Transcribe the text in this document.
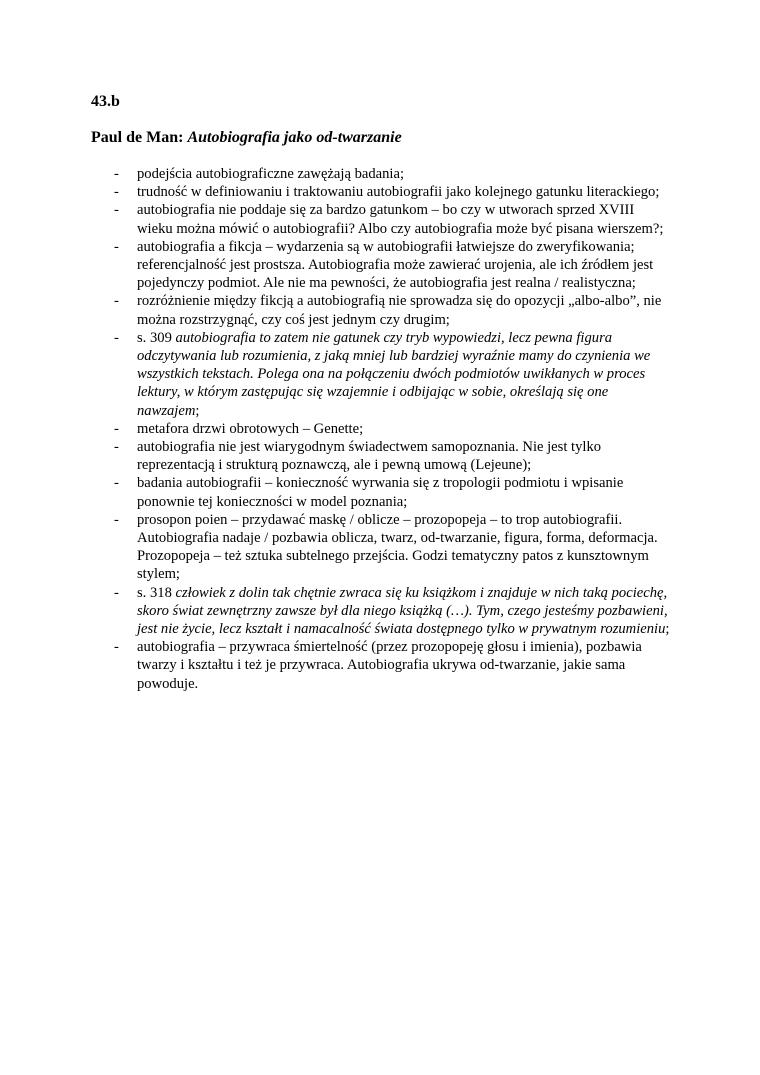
43.b

Paul de Man: Autobiografia jako od-twarzanie

- podejścia autobiograficzne zawężają badania;
- trudność w definiowaniu i traktowaniu autobiografii jako kolejnego gatunku literackiego;
- autobiografia nie poddaje się za bardzo gatunkom – bo czy w utworach sprzed XVIII wieku można mówić o autobiografii? Albo czy autobiografia może być pisana wierszem?;
- autobiografia a fikcja – wydarzenia są w autobiografii łatwiejsze do zweryfikowania; referencjalność jest prostsza. Autobiografia może zawierać urojenia, ale ich źródłem jest pojedynczy podmiot. Ale nie ma pewności, że autobiografia jest realna / realistyczna;
- rozróżnienie między fikcją a autobiografią nie sprowadza się do opozycji „albo-albo”, nie można rozstrzygnąć, czy coś jest jednym czy drugim;
- s. 309 autobiografia to zatem nie gatunek czy tryb wypowiedzi, lecz pewna figura odczytywania lub rozumienia, z jaką mniej lub bardziej wyraźnie mamy do czynienia we wszystkich tekstach. Polega ona na połączeniu dwóch podmiotów uwikłanych w proces lektury, w którym zastępując się wzajemnie i odbijając w sobie, określają się one nawzajem;
- metafora drzwi obrotowych – Genette;
- autobiografia nie jest wiarygodnym świadectwem samopoznania. Nie jest tylko reprezentacją i strukturą poznawczą, ale i pewną umową (Lejeune);
- badania autobiografii – konieczność wyrwania się z tropologii podmiotu i wpisanie ponownie tej konieczności w model poznania;
- prosopon poien – przydawać maskę / oblicze – prozopopeja – to trop autobiografii. Autobiografia nadaje / pozbawia oblicza, twarz, od-twarzanie, figura, forma, deformacja. Prozopopeja – też sztuka subtelnego przejścia. Godzi tematyczny patos z kunsztownym stylem;
- s. 318 człowiek z dolin tak chętnie zwraca się ku książkom i znajduje w nich taką pociechę, skoro świat zewnętrzny zawsze był dla niego książką (…). Tym, czego jesteśmy pozbawieni, jest nie życie, lecz kształt i namacalność świata dostępnego tylko w prywatnym rozumieniu;
- autobiografia – przywraca śmiertelność (przez prozopopeję głosu i imienia), pozbawia twarzy i kształtu i też je przywraca. Autobiografia ukrywa od-twarzanie, jakie sama powoduje.
